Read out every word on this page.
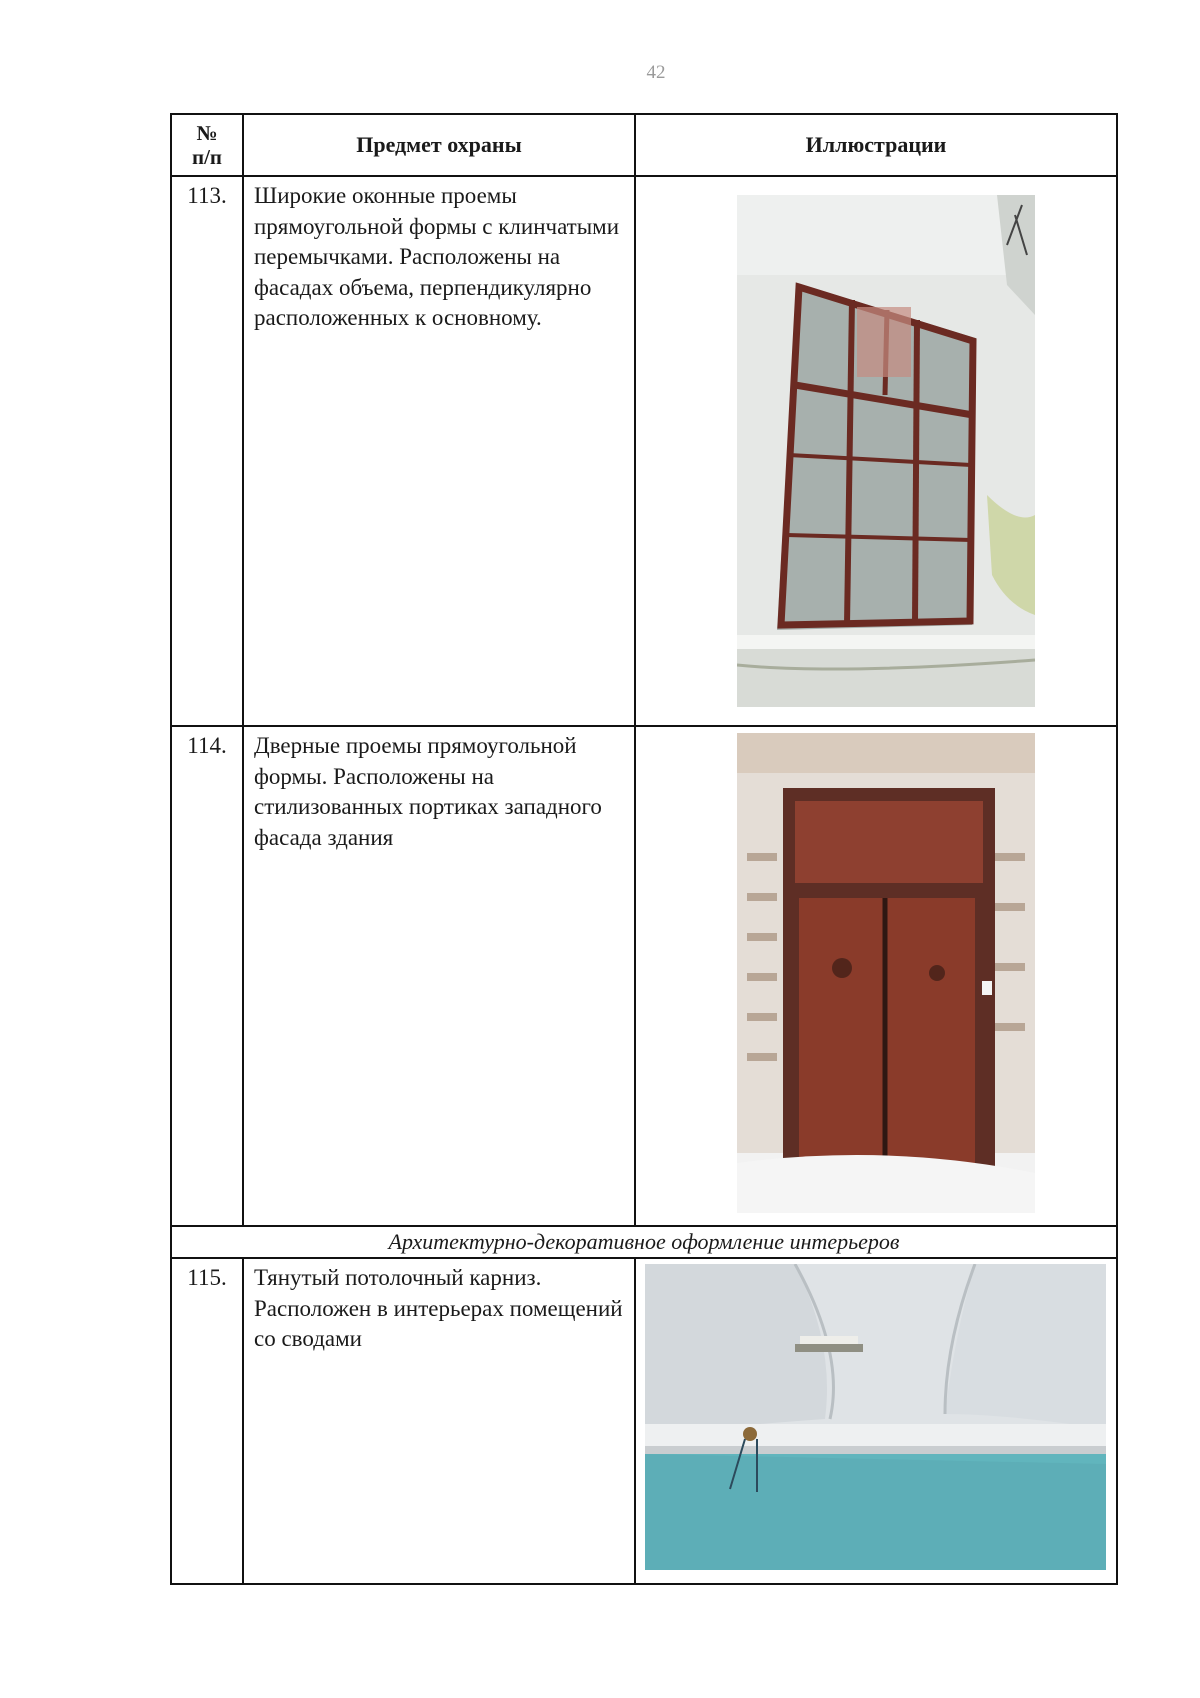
42
№ п/п	Предмет охраны	Иллюстрации
113.	Широкие оконные проемы прямоугольной формы с клинчатыми перемычками. Расположены на фасадах объема, перпендикулярно расположенных к основному.	

114.	Дверные проемы прямоугольной формы. Расположены на стилизованных портиках западного фасада здания	

Архитектурно-декоративное оформление интерьеров		
115.	Тянутый потолочный карниз. Расположен в интерьерах помещений со сводами	
